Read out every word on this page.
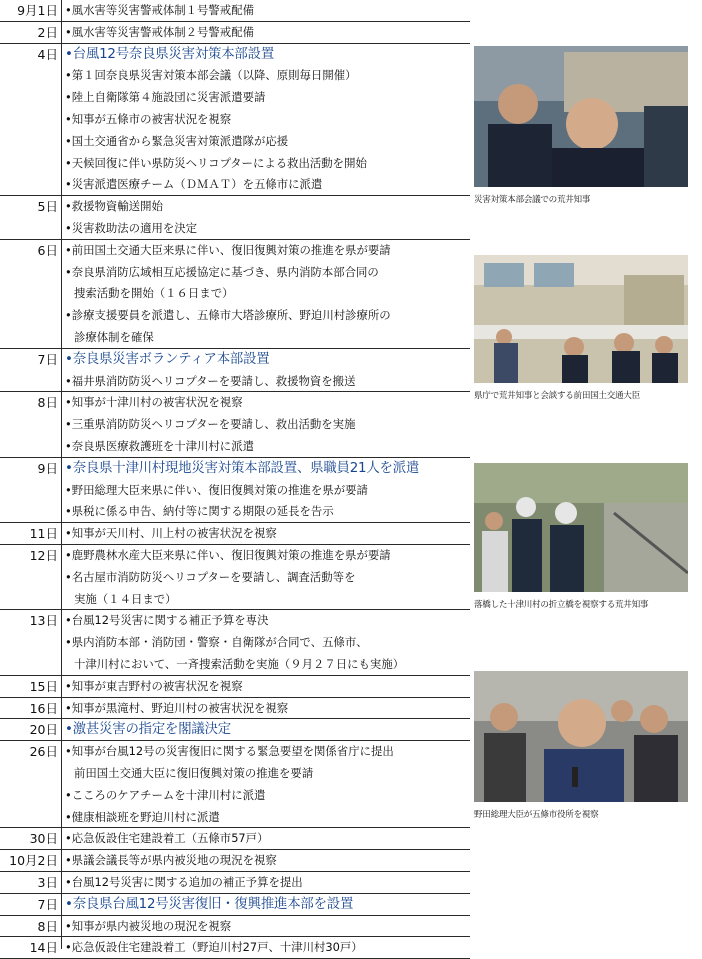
9月1日 •風水害等災害警戒体制１号警戒配備
2日 •風水害等災害警戒体制２号警戒配備
4日 •台風12号奈良県災害対策本部設置
•第１回奈良県災害対策本部会議（以降、原則毎日開催）
•陸上自衛隊第４施設団に災害派遣要請
•知事が五條市の被害状況を視察
•国土交通省から緊急災害対策派遣隊が応援
•天候回復に伴い県防災ヘリコプターによる救出活動を開始
•災害派遣医療チーム（ＤＭＡＴ）を五條市に派遣
5日 •救援物資輸送開始
•災害救助法の適用を決定
6日 •前田国土交通大臣来県に伴い、復旧復興対策の推進を県が要請
•奈良県消防広域相互応援協定に基づき、県内消防本部合同の
捜索活動を開始（１６日まで）
•診療支援要員を派遣し、五條市大塔診療所、野迫川村診療所の
診療体制を確保
7日 •奈良県災害ボランティア本部設置
•福井県消防防災ヘリコプターを要請し、救援物資を搬送
8日 •知事が十津川村の被害状況を視察
•三重県消防防災ヘリコプターを要請し、救出活動を実施
•奈良県医療救護班を十津川村に派遣
9日 •奈良県十津川村現地災害対策本部設置、県職員21人を派遣
•野田総理大臣来県に伴い、復旧復興対策の推進を県が要請
•県税に係る申告、納付等に関する期限の延長を告示
11日 •知事が天川村、川上村の被害状況を視察
12日 •鹿野農林水産大臣来県に伴い、復旧復興対策の推進を県が要請
•名古屋市消防防災ヘリコプターを要請し、調査活動等を
実施（１４日まで）
13日 •台風12号災害に関する補正予算を専決
•県内消防本部・消防団・警察・自衛隊が合同で、五條市、
十津川村において、一斉捜索活動を実施（９月２７日にも実施）
15日 •知事が東吉野村の被害状況を視察
16日 •知事が黒滝村、野迫川村の被害状況を視察
20日 •激甚災害の指定を閣議決定
26日 •知事が台風12号の災害復旧に関する緊急要望を関係省庁に提出
前田国土交通大臣に復旧復興対策の推進を要請
•こころのケアチームを十津川村に派遣
•健康相談班を野迫川村に派遣
30日 •応急仮設住宅建設着工（五條市57戸）
10月2日 •県議会議長等が県内被災地の現況を視察
3日 •台風12号災害に関する追加の補正予算を提出
7日 •奈良県台風12号災害復旧・復興推進本部を設置
8日 •知事が県内被災地の現況を視察
14日 •応急仮設住宅建設着工（野迫川村27戸、十津川村30戸）
災害対策本部会議での荒井知事
県庁で荒井知事と会談する前田国土交通大臣
落橋した十津川村の折立橋を視察する荒井知事
野田総理大臣が五條市役所を視察
